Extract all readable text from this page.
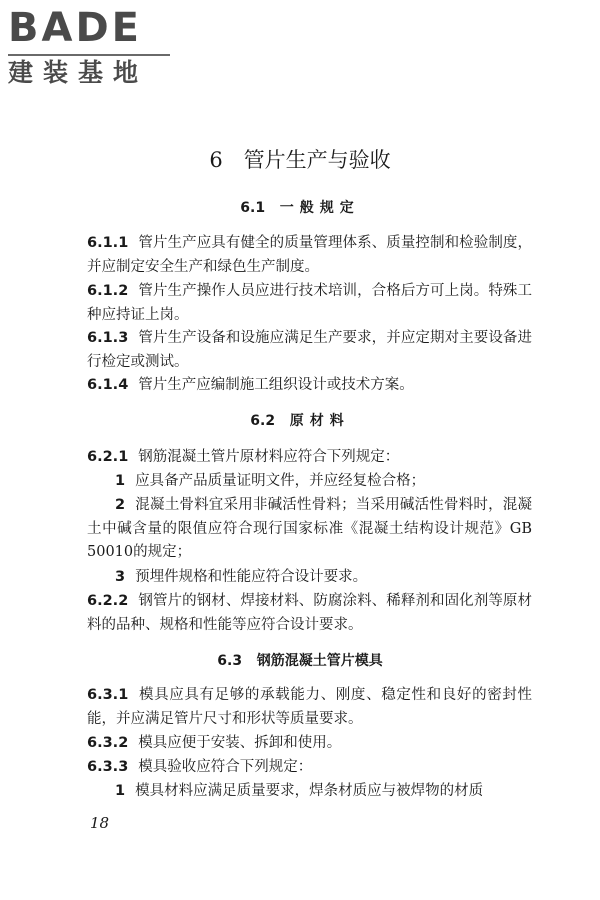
BADE
建装基地
6　管片生产与验收
6.1 一般规定

6.1.1 管片生产应具有健全的质量管理体系、质量控制和检验制度，并应制定安全生产和绿色生产制度。

6.1.2 管片生产操作人员应进行技术培训，合格后方可上岗。特殊工种应持证上岗。

6.1.3 管片生产设备和设施应满足生产要求，并应定期对主要设备进行检定或测试。

6.1.4 管片生产应编制施工组织设计或技术方案。

6.2 原材料

6.2.1 钢筋混凝土管片原材料应符合下列规定：

1 应具备产品质量证明文件，并应经复检合格；

2 混凝土骨料宜采用非碱活性骨料；当采用碱活性骨料时，混凝土中碱含量的限值应符合现行国家标准《混凝土结构设计规范》GB 50010的规定；

3 预埋件规格和性能应符合设计要求。

6.2.2 钢管片的钢材、焊接材料、防腐涂料、稀释剂和固化剂等原材料的品种、规格和性能等应符合设计要求。

6.3 钢筋混凝土管片模具

6.3.1 模具应具有足够的承载能力、刚度、稳定性和良好的密封性能，并应满足管片尺寸和形状等质量要求。

6.3.2 模具应便于安装、拆卸和使用。

6.3.3 模具验收应符合下列规定：

1 模具材料应满足质量要求，焊条材质应与被焊物的材质

18
